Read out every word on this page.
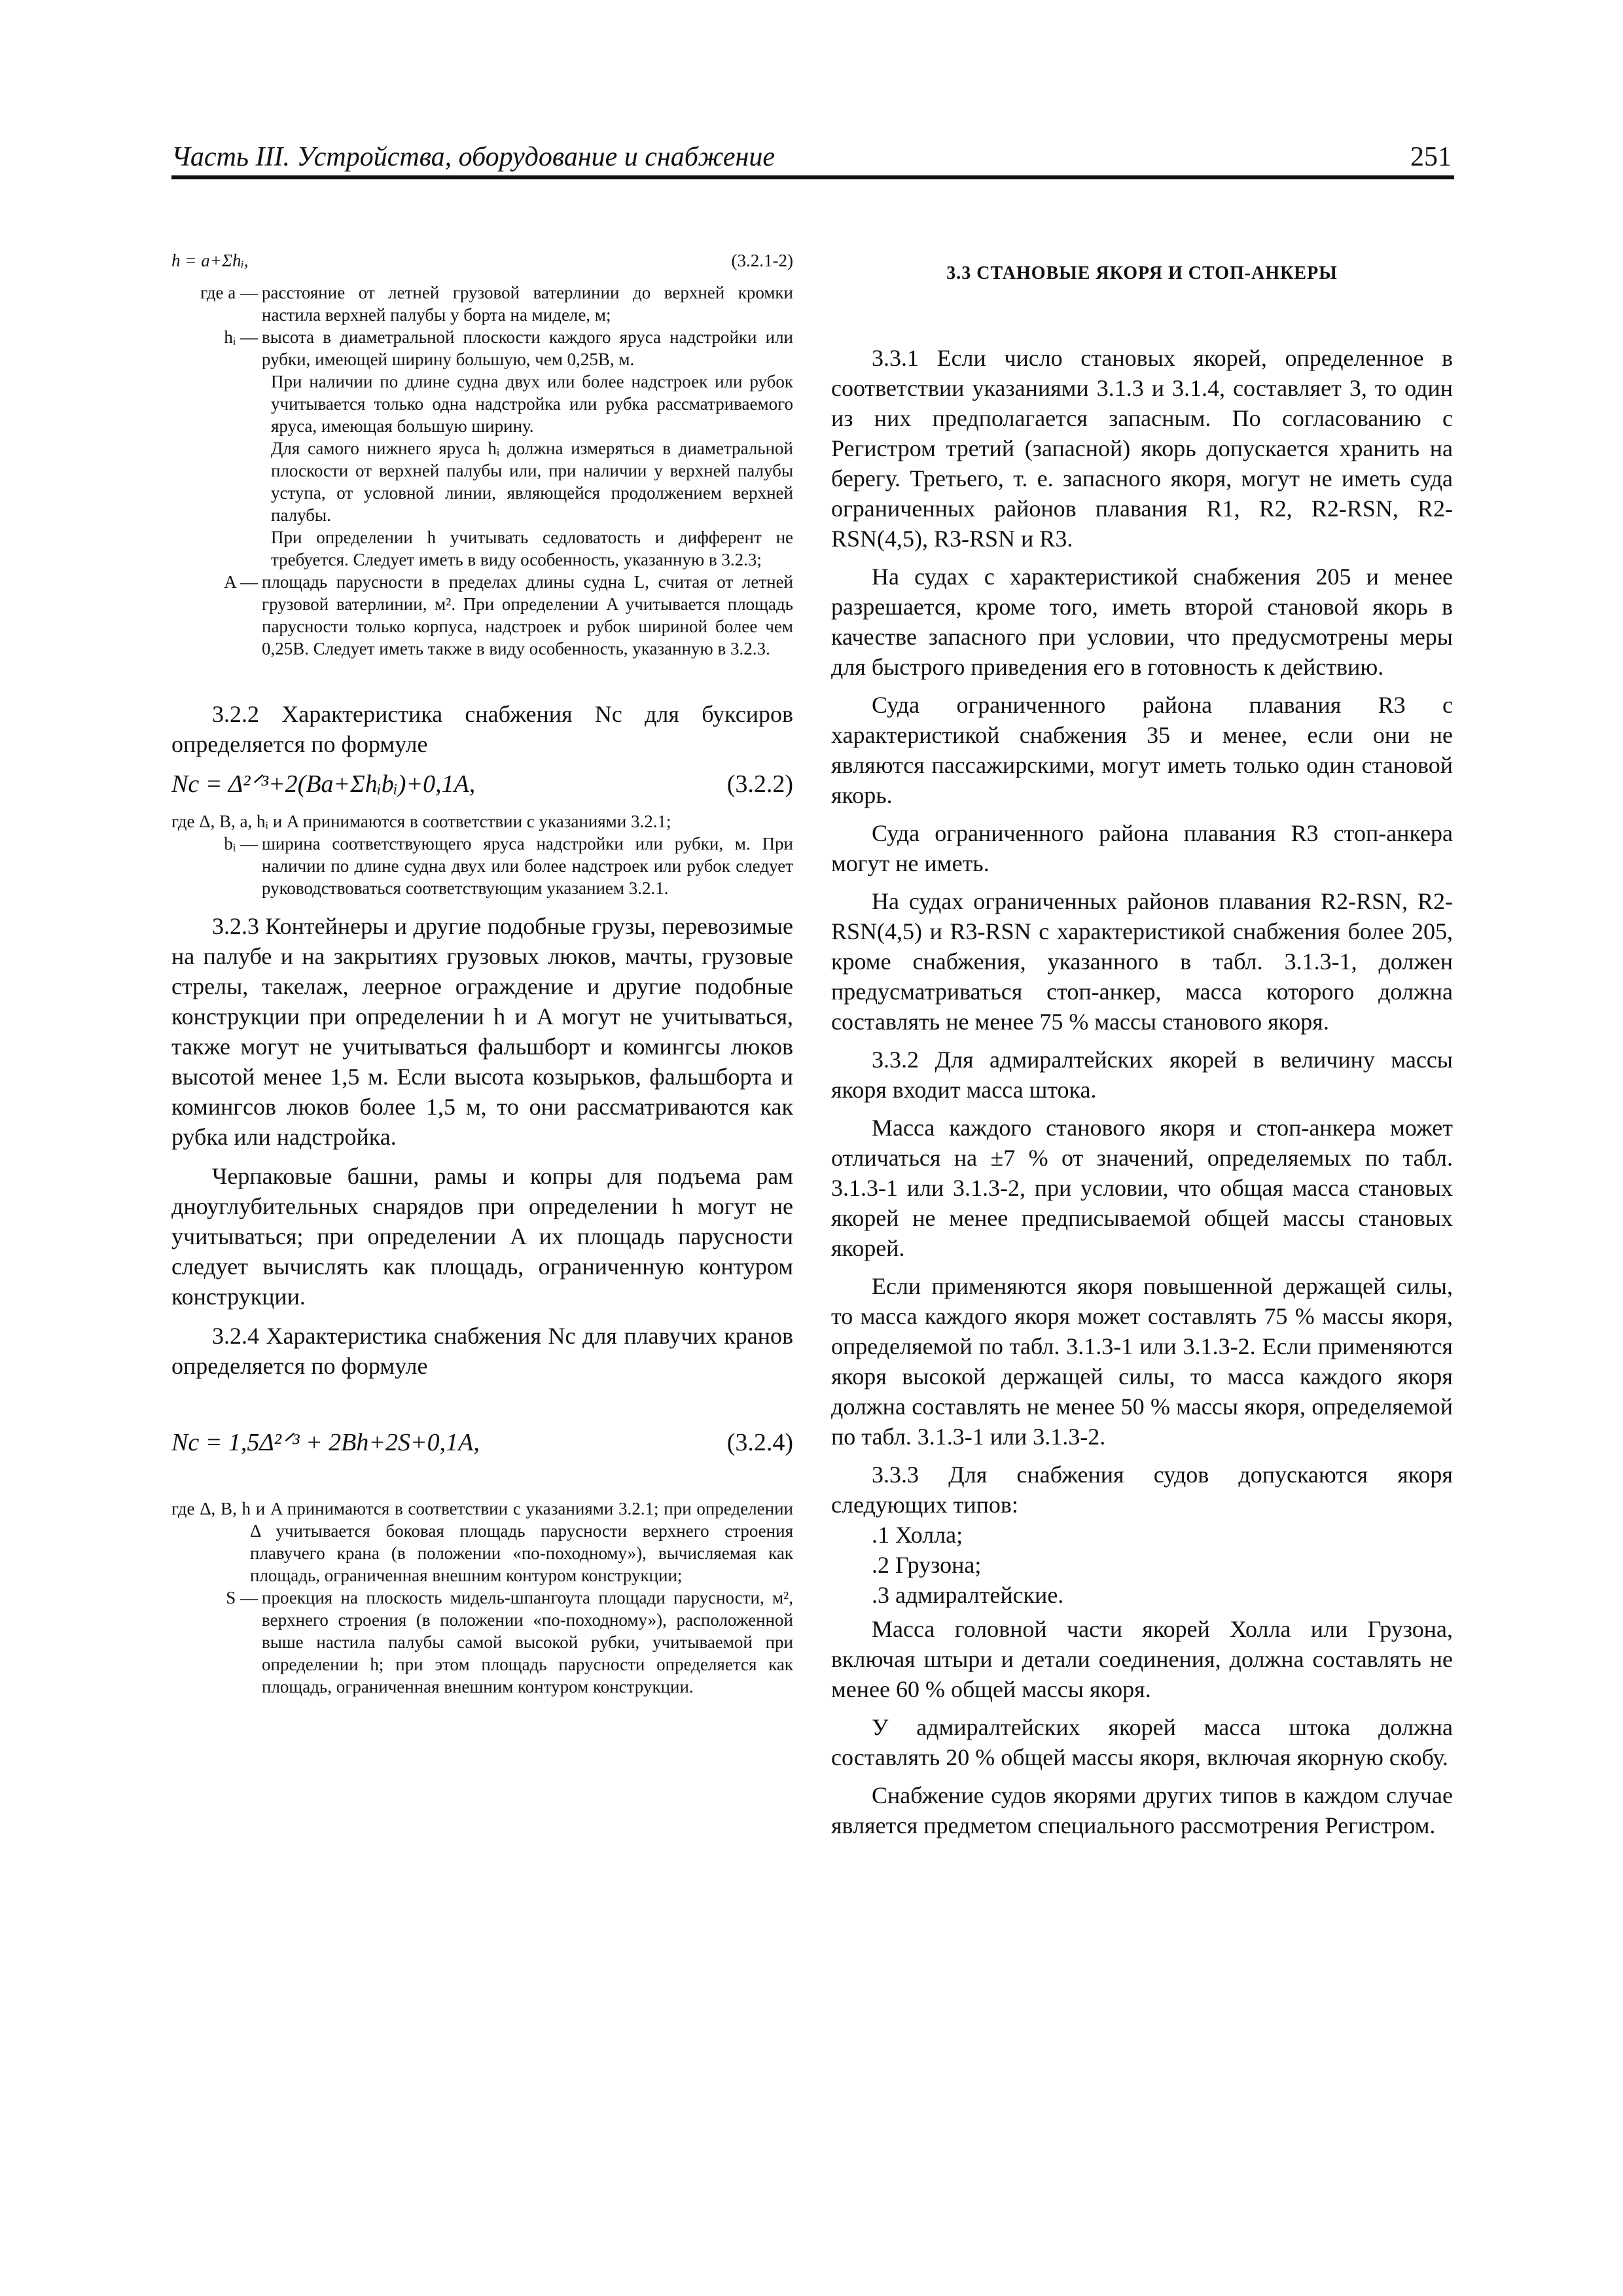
Часть III. Устройства, оборудование и снабжение	251
h = a+Σhᵢ,	(3.2.1-2)
где a — расстояние от летней грузовой ватерлинии до верхней кромки настила верхней палубы у борта на миделе, м;
hᵢ — высота в диаметральной плоскости каждого яруса надстройки или рубки, имеющей ширину большую, чем 0,25B, м.
При наличии по длине судна двух или более надстроек или рубок учитывается только одна надстройка или рубка рассматриваемого яруса, имеющая большую ширину.
Для самого нижнего яруса hᵢ должна измеряться в диаметральной плоскости от верхней палубы или, при наличии у верхней палубы уступа, от условной линии, являющейся продолжением верхней палубы.
При определении h учитывать седловатость и дифферент не требуется. Следует иметь в виду особенность, указанную в 3.2.3;
A — площадь парусности в пределах длины судна L, считая от летней грузовой ватерлинии, м². При определении A учитывается площадь парусности только корпуса, надстроек и рубок шириной более чем 0,25B. Следует иметь также в виду особенность, указанную в 3.2.3.

3.2.2 Характеристика снабжения Nc для буксиров определяется по формуле

Nc = Δ²ᐟ³+2(Ba+Σhᵢbᵢ)+0,1A,	(3.2.2)
где Δ, B, a, hᵢ и A принимаются в соответствии с указаниями 3.2.1;
bᵢ — ширина соответствующего яруса надстройки или рубки, м. При наличии по длине судна двух или более надстроек или рубок следует руководствоваться соответствующим указанием 3.2.1.

3.2.3 Контейнеры и другие подобные грузы, перевозимые на палубе и на закрытиях грузовых люков, мачты, грузовые стрелы, такелаж, леерное ограждение и другие подобные конструкции при определении h и A могут не учитываться, также могут не учитываться фальшборт и комингсы люков высотой менее 1,5 м. Если высота козырьков, фальшборта и комингсов люков более 1,5 м, то они рассматриваются как рубка или надстройка.

Черпаковые башни, рамы и копры для подъема рам дноуглубительных снарядов при определении h могут не учитываться; при определении A их площадь парусности следует вычислять как площадь, ограниченную контуром конструкции.

3.2.4 Характеристика снабжения Nc для плавучих кранов определяется по формуле

Nc = 1,5Δ²ᐟ³ + 2Bh+2S+0,1A,	(3.2.4)
где Δ, B, h и A принимаются в соответствии с указаниями 3.2.1; при определении Δ учитывается боковая площадь парусности верхнего строения плавучего крана (в положении «по-походному»), вычисляемая как площадь, ограниченная внешним контуром конструкции;
S — проекция на плоскость мидель-шпангоута площади парусности, м², верхнего строения (в положении «по-походному»), расположенной выше настила палубы самой высокой рубки, учитываемой при определении h; при этом площадь парусности определяется как площадь, ограниченная внешним контуром конструкции.
3.3 СТАНОВЫЕ ЯКОРЯ И СТОП-АНКЕРЫ

3.3.1 Если число становых якорей, определенное в соответствии указаниями 3.1.3 и 3.1.4, составляет 3, то один из них предполагается запасным. По согласованию с Регистром третий (запасной) якорь допускается хранить на берегу. Третьего, т. е. запасного якоря, могут не иметь суда ограниченных районов плавания R1, R2, R2-RSN, R2-RSN(4,5), R3-RSN и R3.

На судах с характеристикой снабжения 205 и менее разрешается, кроме того, иметь второй становой якорь в качестве запасного при условии, что предусмотрены меры для быстрого приведения его в готовность к действию.

Суда ограниченного района плавания R3 с характеристикой снабжения 35 и менее, если они не являются пассажирскими, могут иметь только один становой якорь.

Суда ограниченного района плавания R3 стоп-анкера могут не иметь.

На судах ограниченных районов плавания R2-RSN, R2-RSN(4,5) и R3-RSN с характеристикой снабжения более 205, кроме снабжения, указанного в табл. 3.1.3-1, должен предусматриваться стоп-анкер, масса которого должна составлять не менее 75 % массы станового якоря.

3.3.2 Для адмиралтейских якорей в величину массы якоря входит масса штока.

Масса каждого станового якоря и стоп-анкера может отличаться на ±7 % от значений, определяемых по табл. 3.1.3-1 или 3.1.3-2, при условии, что общая масса становых якорей не менее предписываемой общей массы становых якорей.

Если применяются якоря повышенной держащей силы, то масса каждого якоря может составлять 75 % массы якоря, определяемой по табл. 3.1.3-1 или 3.1.3-2. Если применяются якоря высокой держащей силы, то масса каждого якоря должна составлять не менее 50 % массы якоря, определяемой по табл. 3.1.3-1 или 3.1.3-2.

3.3.3 Для снабжения судов допускаются якоря следующих типов:

.1 Холла;
.2 Грузона;
.3 адмиралтейские.

Масса головной части якорей Холла или Грузона, включая штыри и детали соединения, должна составлять не менее 60 % общей массы якоря.

У адмиралтейских якорей масса штока должна составлять 20 % общей массы якоря, включая якорную скобу.

Снабжение судов якорями других типов в каждом случае является предметом специального рассмотрения Регистром.
